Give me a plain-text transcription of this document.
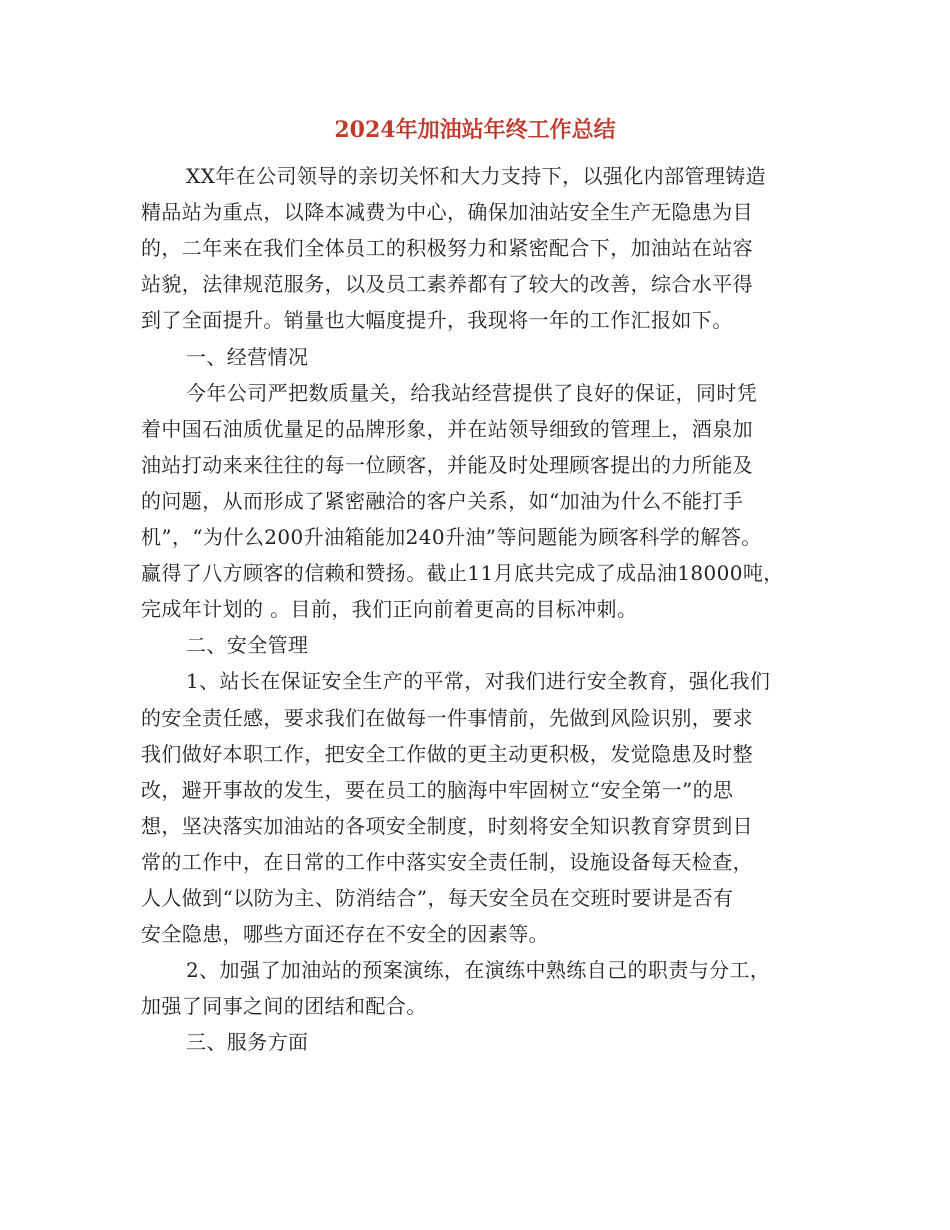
2024年加油站年终工作总结
XX年在公司领导的亲切关怀和大力支持下，以强化内部管理铸造
精品站为重点，以降本减费为中心，确保加油站安全生产无隐患为目
的，二年来在我们全体员工的积极努力和紧密配合下，加油站在站容
站貌，法律规范服务，以及员工素养都有了较大的改善，综合水平得
到了全面提升。销量也大幅度提升，我现将一年的工作汇报如下。
一、经营情况
今年公司严把数质量关，给我站经营提供了良好的保证，同时凭
着中国石油质优量足的品牌形象，并在站领导细致的管理上，酒泉加
油站打动来来往往的每一位顾客，并能及时处理顾客提出的力所能及
的问题，从而形成了紧密融洽的客户关系，如“加油为什么不能打手
机”，“为什么200升油箱能加240升油”等问题能为顾客科学的解答。
赢得了八方顾客的信赖和赞扬。截止11月底共完成了成品油18000吨，
完成年计划的 。目前，我们正向前着更高的目标冲刺。
二、安全管理
1、站长在保证安全生产的平常，对我们进行安全教育，强化我们
的安全责任感，要求我们在做每一件事情前，先做到风险识别，要求
我们做好本职工作，把安全工作做的更主动更积极，发觉隐患及时整
改，避开事故的发生，要在员工的脑海中牢固树立“安全第一”的思
想，坚决落实加油站的各项安全制度，时刻将安全知识教育穿贯到日
常的工作中，在日常的工作中落实安全责任制，设施设备每天检查，
人人做到“以防为主、防消结合”，每天安全员在交班时要讲是否有
安全隐患，哪些方面还存在不安全的因素等。
2、加强了加油站的预案演练，在演练中熟练自己的职责与分工，
加强了同事之间的团结和配合。
三、服务方面
